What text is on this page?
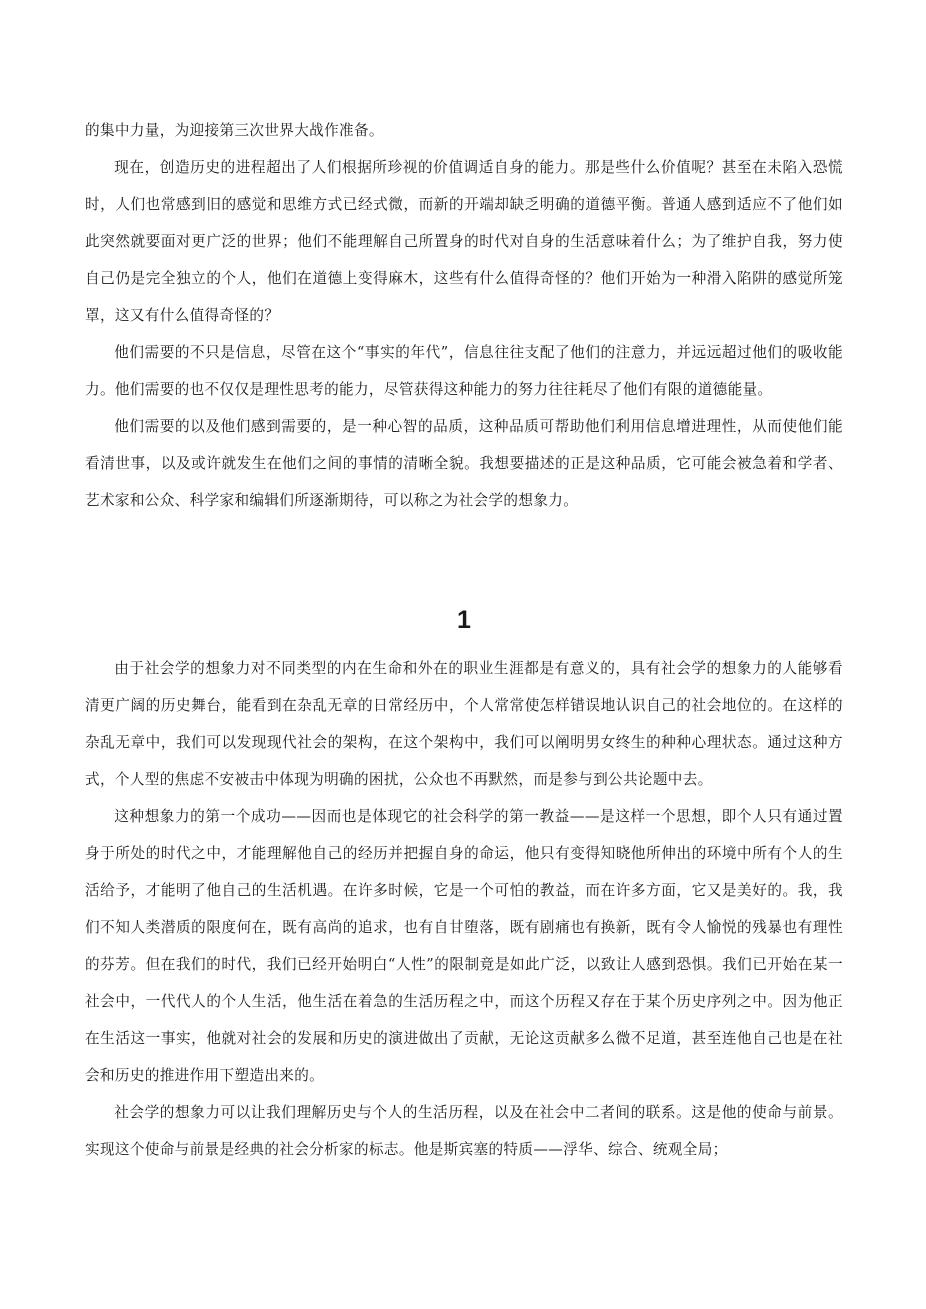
的集中力量，为迎接第三次世界大战作准备。

现在，创造历史的进程超出了人们根据所珍视的价值调适自身的能力。那是些什么价值呢？甚至在未陷入恐慌时，人们也常感到旧的感觉和思维方式已经式微，而新的开端却缺乏明确的道德平衡。普通人感到适应不了他们如此突然就要面对更广泛的世界；他们不能理解自己所置身的时代对自身的生活意味着什么；为了维护自我，努力使自己仍是完全独立的个人，他们在道德上变得麻木，这些有什么值得奇怪的？他们开始为一种滑入陷阱的感觉所笼罩，这又有什么值得奇怪的？

他们需要的不只是信息，尽管在这个“事实的年代”，信息往往支配了他们的注意力，并远远超过他们的吸收能力。他们需要的也不仅仅是理性思考的能力，尽管获得这种能力的努力往往耗尽了他们有限的道德能量。

他们需要的以及他们感到需要的，是一种心智的品质，这种品质可帮助他们利用信息增进理性，从而使他们能看清世事，以及或许就发生在他们之间的事情的清晰全貌。我想要描述的正是这种品质，它可能会被急着和学者、艺术家和公众、科学家和编辑们所逐渐期待，可以称之为社会学的想象力。

1

由于社会学的想象力对不同类型的内在生命和外在的职业生涯都是有意义的，具有社会学的想象力的人能够看清更广阔的历史舞台，能看到在杂乱无章的日常经历中，个人常常使怎样错误地认识自己的社会地位的。在这样的杂乱无章中，我们可以发现现代社会的架构，在这个架构中，我们可以阐明男女终生的种种心理状态。通过这种方式，个人型的焦虑不安被击中体现为明确的困扰，公众也不再默然，而是参与到公共论题中去。

这种想象力的第一个成功——因而也是体现它的社会科学的第一教益——是这样一个思想，即个人只有通过置身于所处的时代之中，才能理解他自己的经历并把握自身的命运，他只有变得知晓他所伸出的环境中所有个人的生活给予，才能明了他自己的生活机遇。在许多时候，它是一个可怕的教益，而在许多方面，它又是美好的。我，我们不知人类潜质的限度何在，既有高尚的追求，也有自甘堕落，既有剧痛也有换新，既有令人愉悦的残暴也有理性的芬芳。但在我们的时代，我们已经开始明白“人性”的限制竟是如此广泛，以致让人感到恐惧。我们已开始在某一社会中，一代代人的个人生活，他生活在着急的生活历程之中，而这个历程又存在于某个历史序列之中。因为他正在生活这一事实，他就对社会的发展和历史的演进做出了贡献，无论这贡献多么微不足道，甚至连他自己也是在社会和历史的推进作用下塑造出来的。

社会学的想象力可以让我们理解历史与个人的生活历程，以及在社会中二者间的联系。这是他的使命与前景。实现这个使命与前景是经典的社会分析家的标志。他是斯宾塞的特质——浮华、综合、统观全局；
